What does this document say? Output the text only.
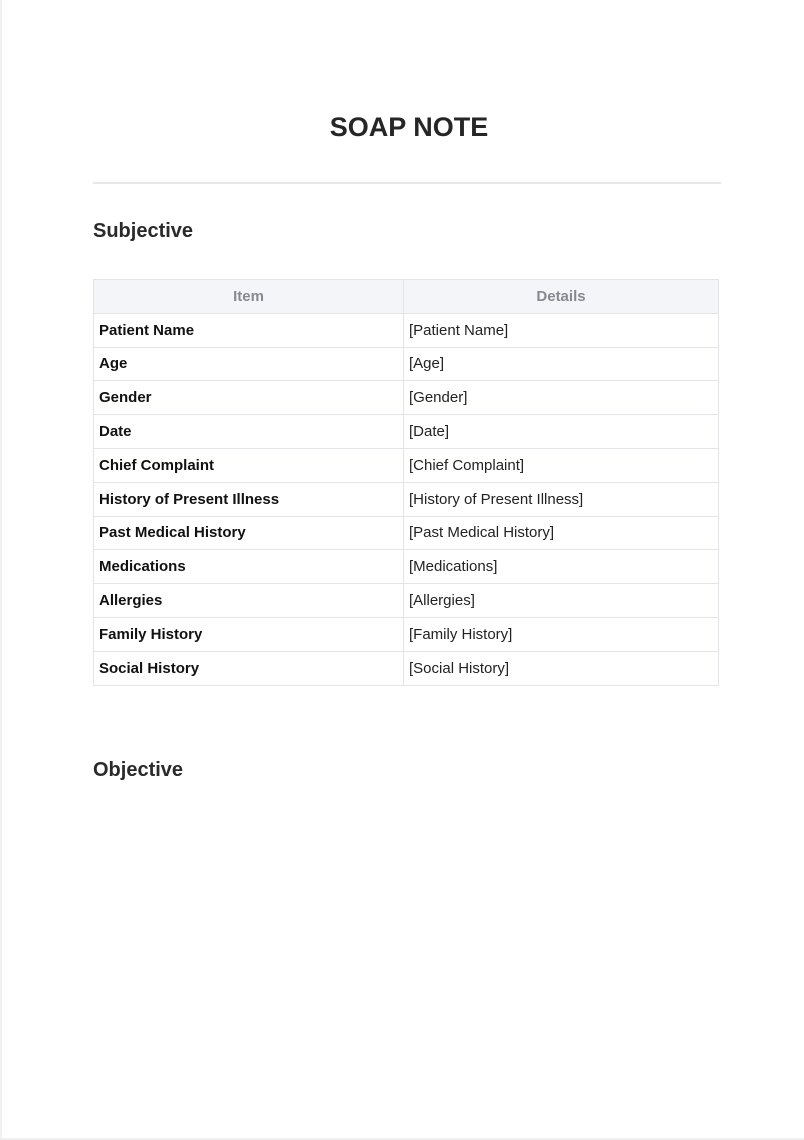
SOAP NOTE
Subjective
Item	Details
Patient Name	[Patient Name]
Age	[Age]
Gender	[Gender]
Date	[Date]
Chief Complaint	[Chief Complaint]
History of Present Illness	[History of Present Illness]
Past Medical History	[Past Medical History]
Medications	[Medications]
Allergies	[Allergies]
Family History	[Family History]
Social History	[Social History]
Objective
